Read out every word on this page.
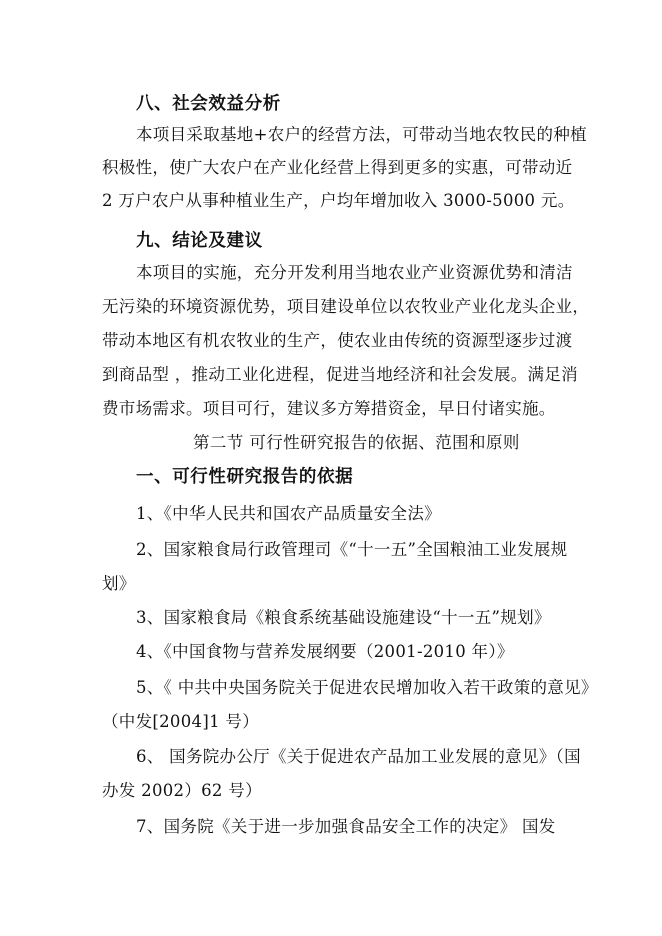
八、社会效益分析
本项目采取基地+农户的经营方法，可带动当地农牧民的种植
积极性，使广大农户在产业化经营上得到更多的实惠，可带动近
2 万户农户从事种植业生产，户均年增加收入 3000-5000 元。
九、结论及建议
本项目的实施，充分开发利用当地农业产业资源优势和清洁
无污染的环境资源优势，项目建设单位以农牧业产业化龙头企业，
带动本地区有机农牧业的生产，使农业由传统的资源型逐步过渡
到商品型 ，推动工业化进程，促进当地经济和社会发展。满足消
费市场需求。项目可行，建议多方筹措资金，早日付诸实施。
第二节 可行性研究报告的依据、范围和原则
一、可行性研究报告的依据
1、《中华人民共和国农产品质量安全法》
2、国家粮食局行政管理司《“十一五”全国粮油工业发展规
划》
3、国家粮食局《粮食系统基础设施建设“十一五”规划》
4、《中国食物与营养发展纲要（2001-2010 年）》
5、《 中共中央国务院关于促进农民增加收入若干政策的意见》
（中发[2004]1 号）
6、 国务院办公厅《关于促进农产品加工业发展的意见》（国
办发 2002）62 号）
7、国务院《关于进一步加强食品安全工作的决定》 国发
